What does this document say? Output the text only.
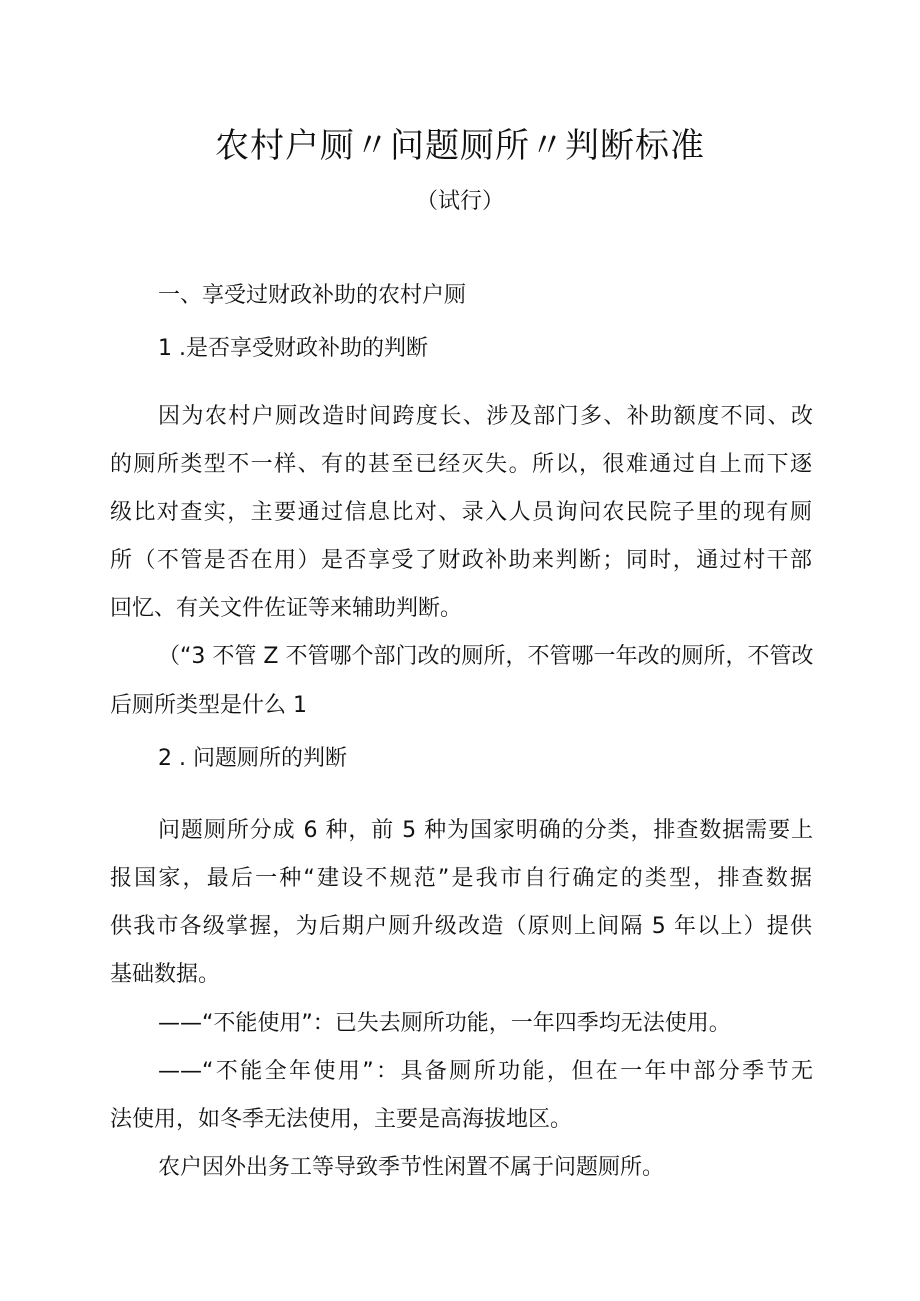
农村户厕〃问题厕所〃判断标准
（试行）
一、享受过财政补助的农村户厕
1 .是否享受财政补助的判断
因为农村户厕改造时间跨度长、涉及部门多、补助额度不同、改
的厕所类型不一样、有的甚至已经灭失。所以，很难通过自上而下逐
级比对查实，主要通过信息比对、录入人员询问农民院子里的现有厕
所（不管是否在用）是否享受了财政补助来判断；同时，通过村干部
回忆、有关文件佐证等来辅助判断。
（“3 不管 Z 不管哪个部门改的厕所，不管哪一年改的厕所，不管改
后厕所类型是什么 1
2 . 问题厕所的判断
问题厕所分成 6 种，前 5 种为国家明确的分类，排查数据需要上
报国家，最后一种“建设不规范”是我市自行确定的类型，排查数据
供我市各级掌握，为后期户厕升级改造（原则上间隔 5 年以上）提供
基础数据。
——“不能使用”：已失去厕所功能，一年四季均无法使用。
——“不能全年使用”：具备厕所功能，但在一年中部分季节无
法使用，如冬季无法使用，主要是高海拔地区。
农户因外出务工等导致季节性闲置不属于问题厕所。
